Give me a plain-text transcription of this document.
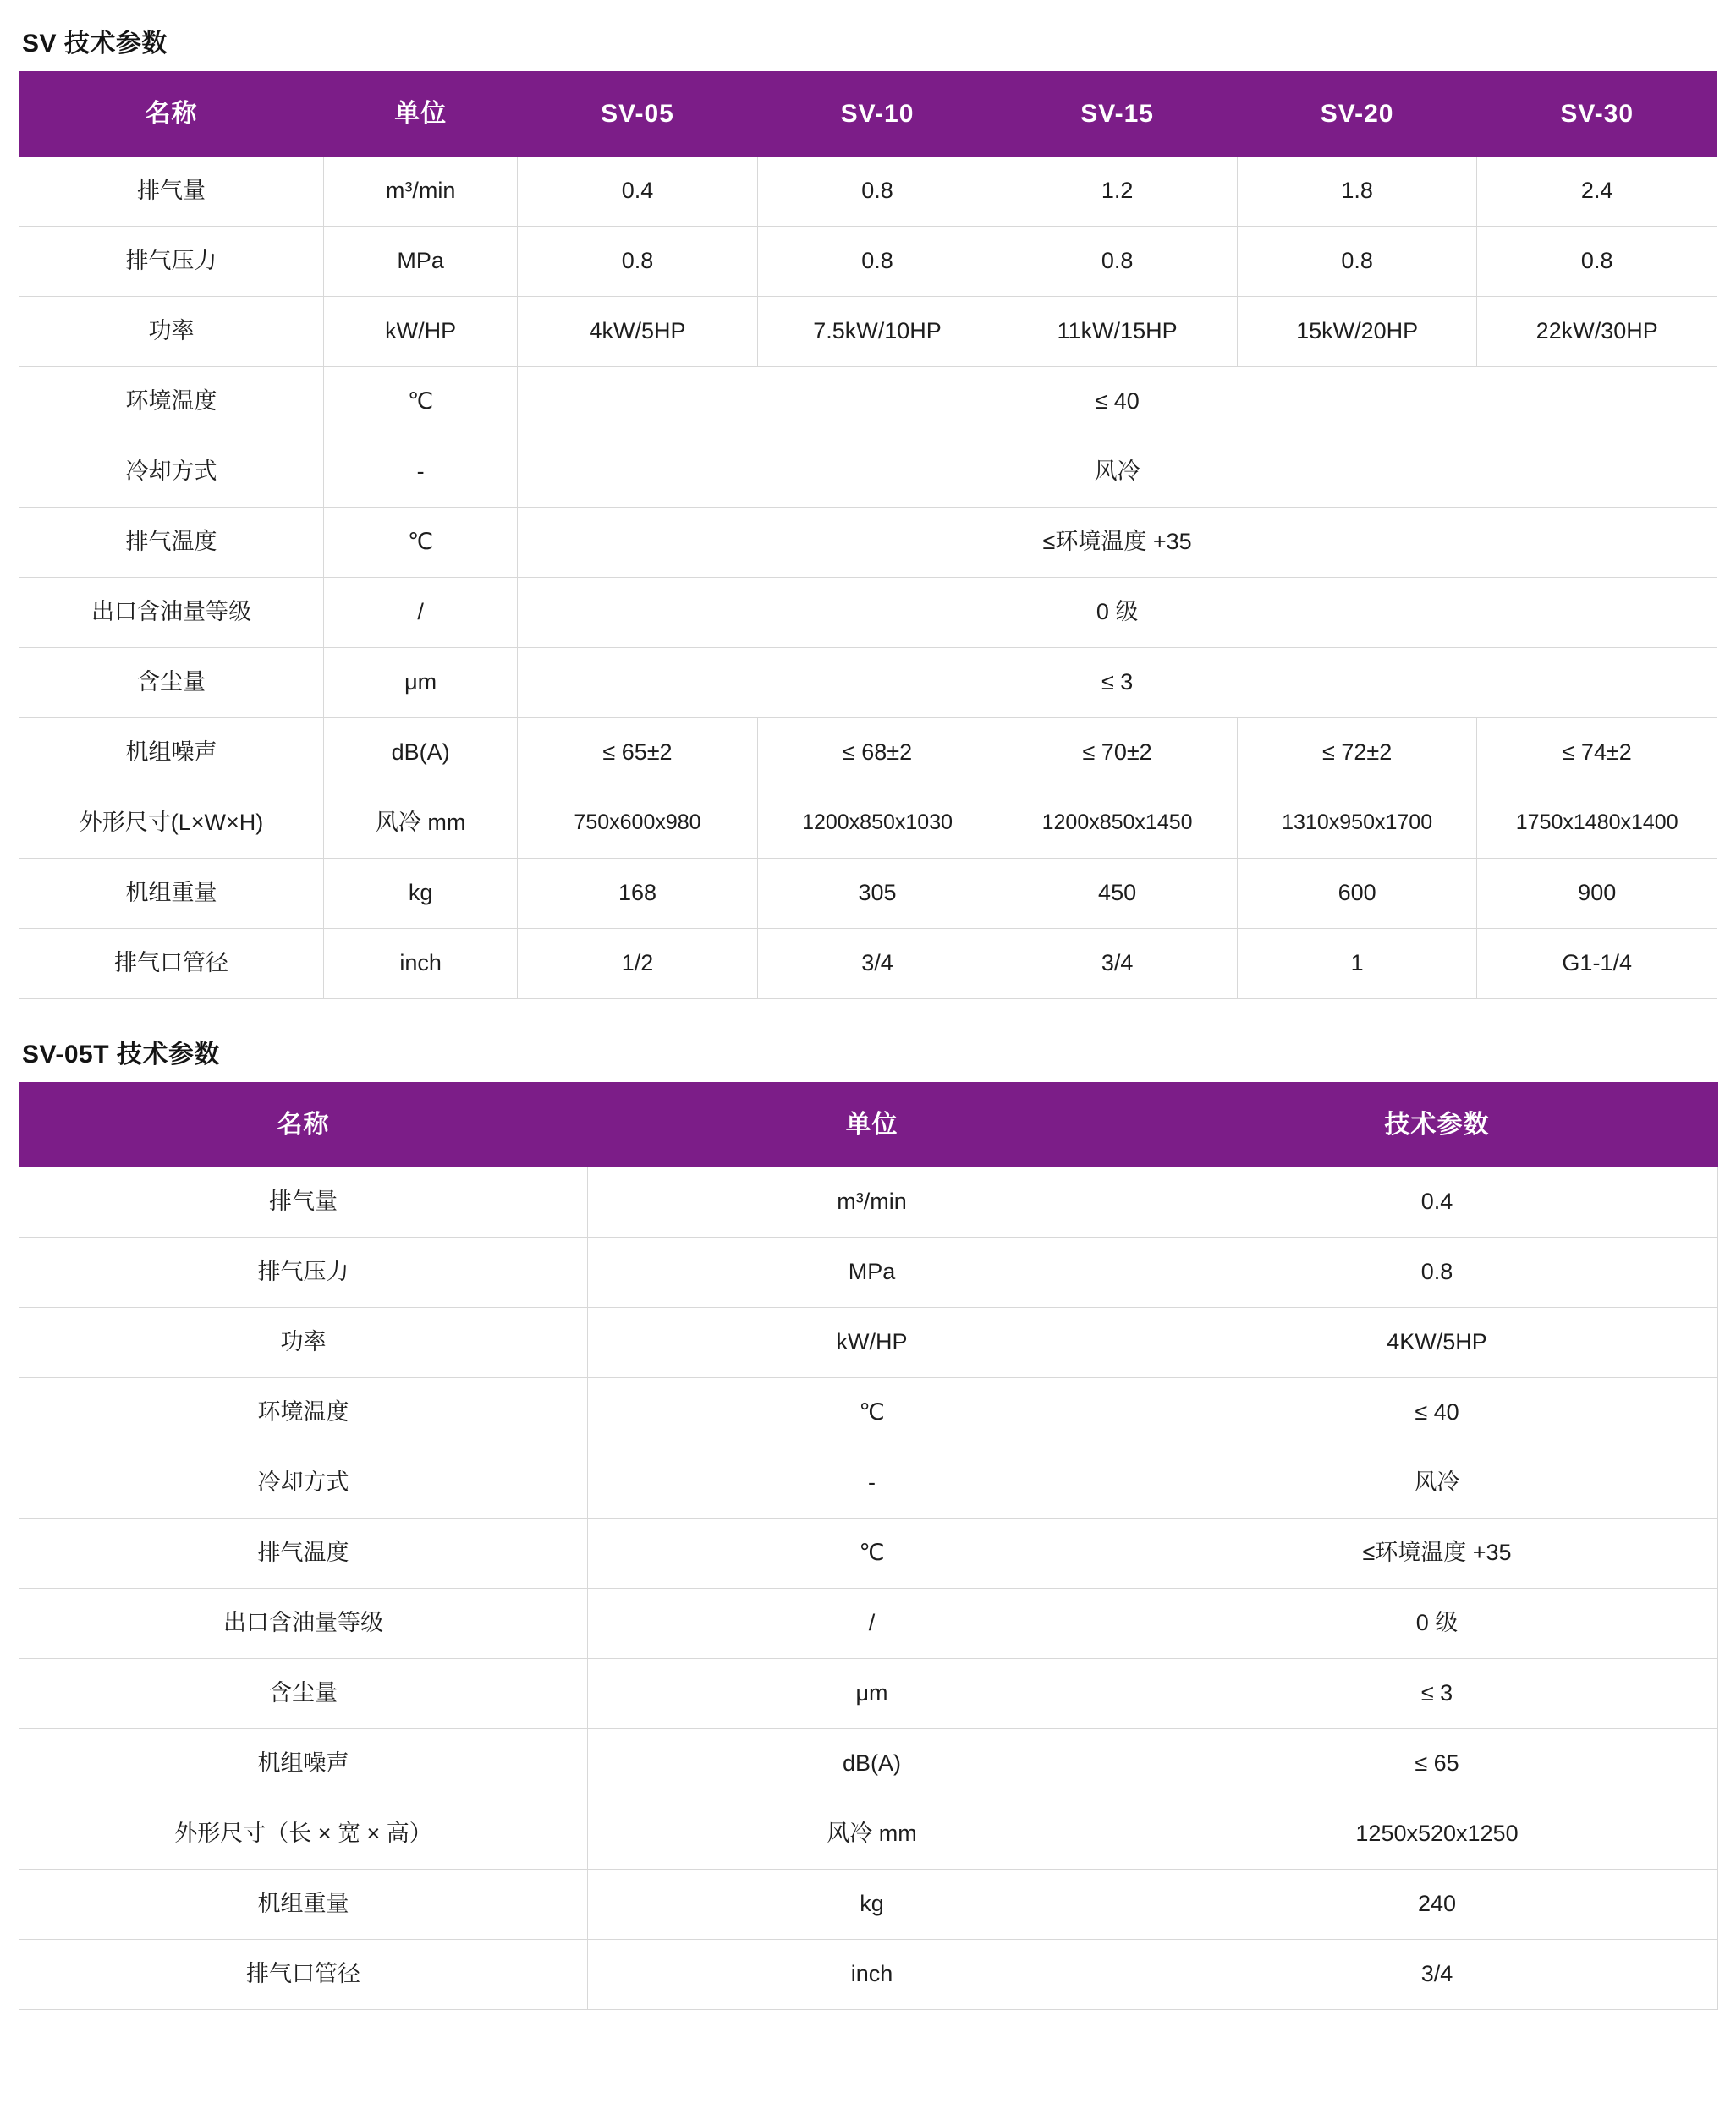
SV 技术参数
名称	单位	SV-05	SV-10	SV-15	SV-20	SV-30
排气量	m³/min	0.4	0.8	1.2	1.8	2.4
排气压力	MPa	0.8	0.8	0.8	0.8	0.8
功率	kW/HP	4kW/5HP	7.5kW/10HP	11kW/15HP	15kW/20HP	22kW/30HP
环境温度	℃	≤ 40				
冷却方式	-	风冷				
排气温度	℃	≤环境温度 +35				
出口含油量等级	/	0 级				
含尘量	μm	≤ 3				
机组噪声	dB(A)	≤ 65±2	≤ 68±2	≤ 70±2	≤ 72±2	≤ 74±2
外形尺寸(L×W×H)	风冷 mm	750x600x980	1200x850x1030	1200x850x1450	1310x950x1700	1750x1480x1400
机组重量	kg	168	305	450	600	900
排气口管径	inch	1/2	3/4	3/4	1	G1-1/4
SV-05T 技术参数
名称	单位	技术参数
排气量	m³/min	0.4
排气压力	MPa	0.8
功率	kW/HP	4KW/5HP
环境温度	℃	≤ 40
冷却方式	-	风冷
排气温度	℃	≤环境温度 +35
出口含油量等级	/	0 级
含尘量	μm	≤ 3
机组噪声	dB(A)	≤ 65
外形尺寸（长 × 宽 × 高）	风冷 mm	1250x520x1250
机组重量	kg	240
排气口管径	inch	3/4
